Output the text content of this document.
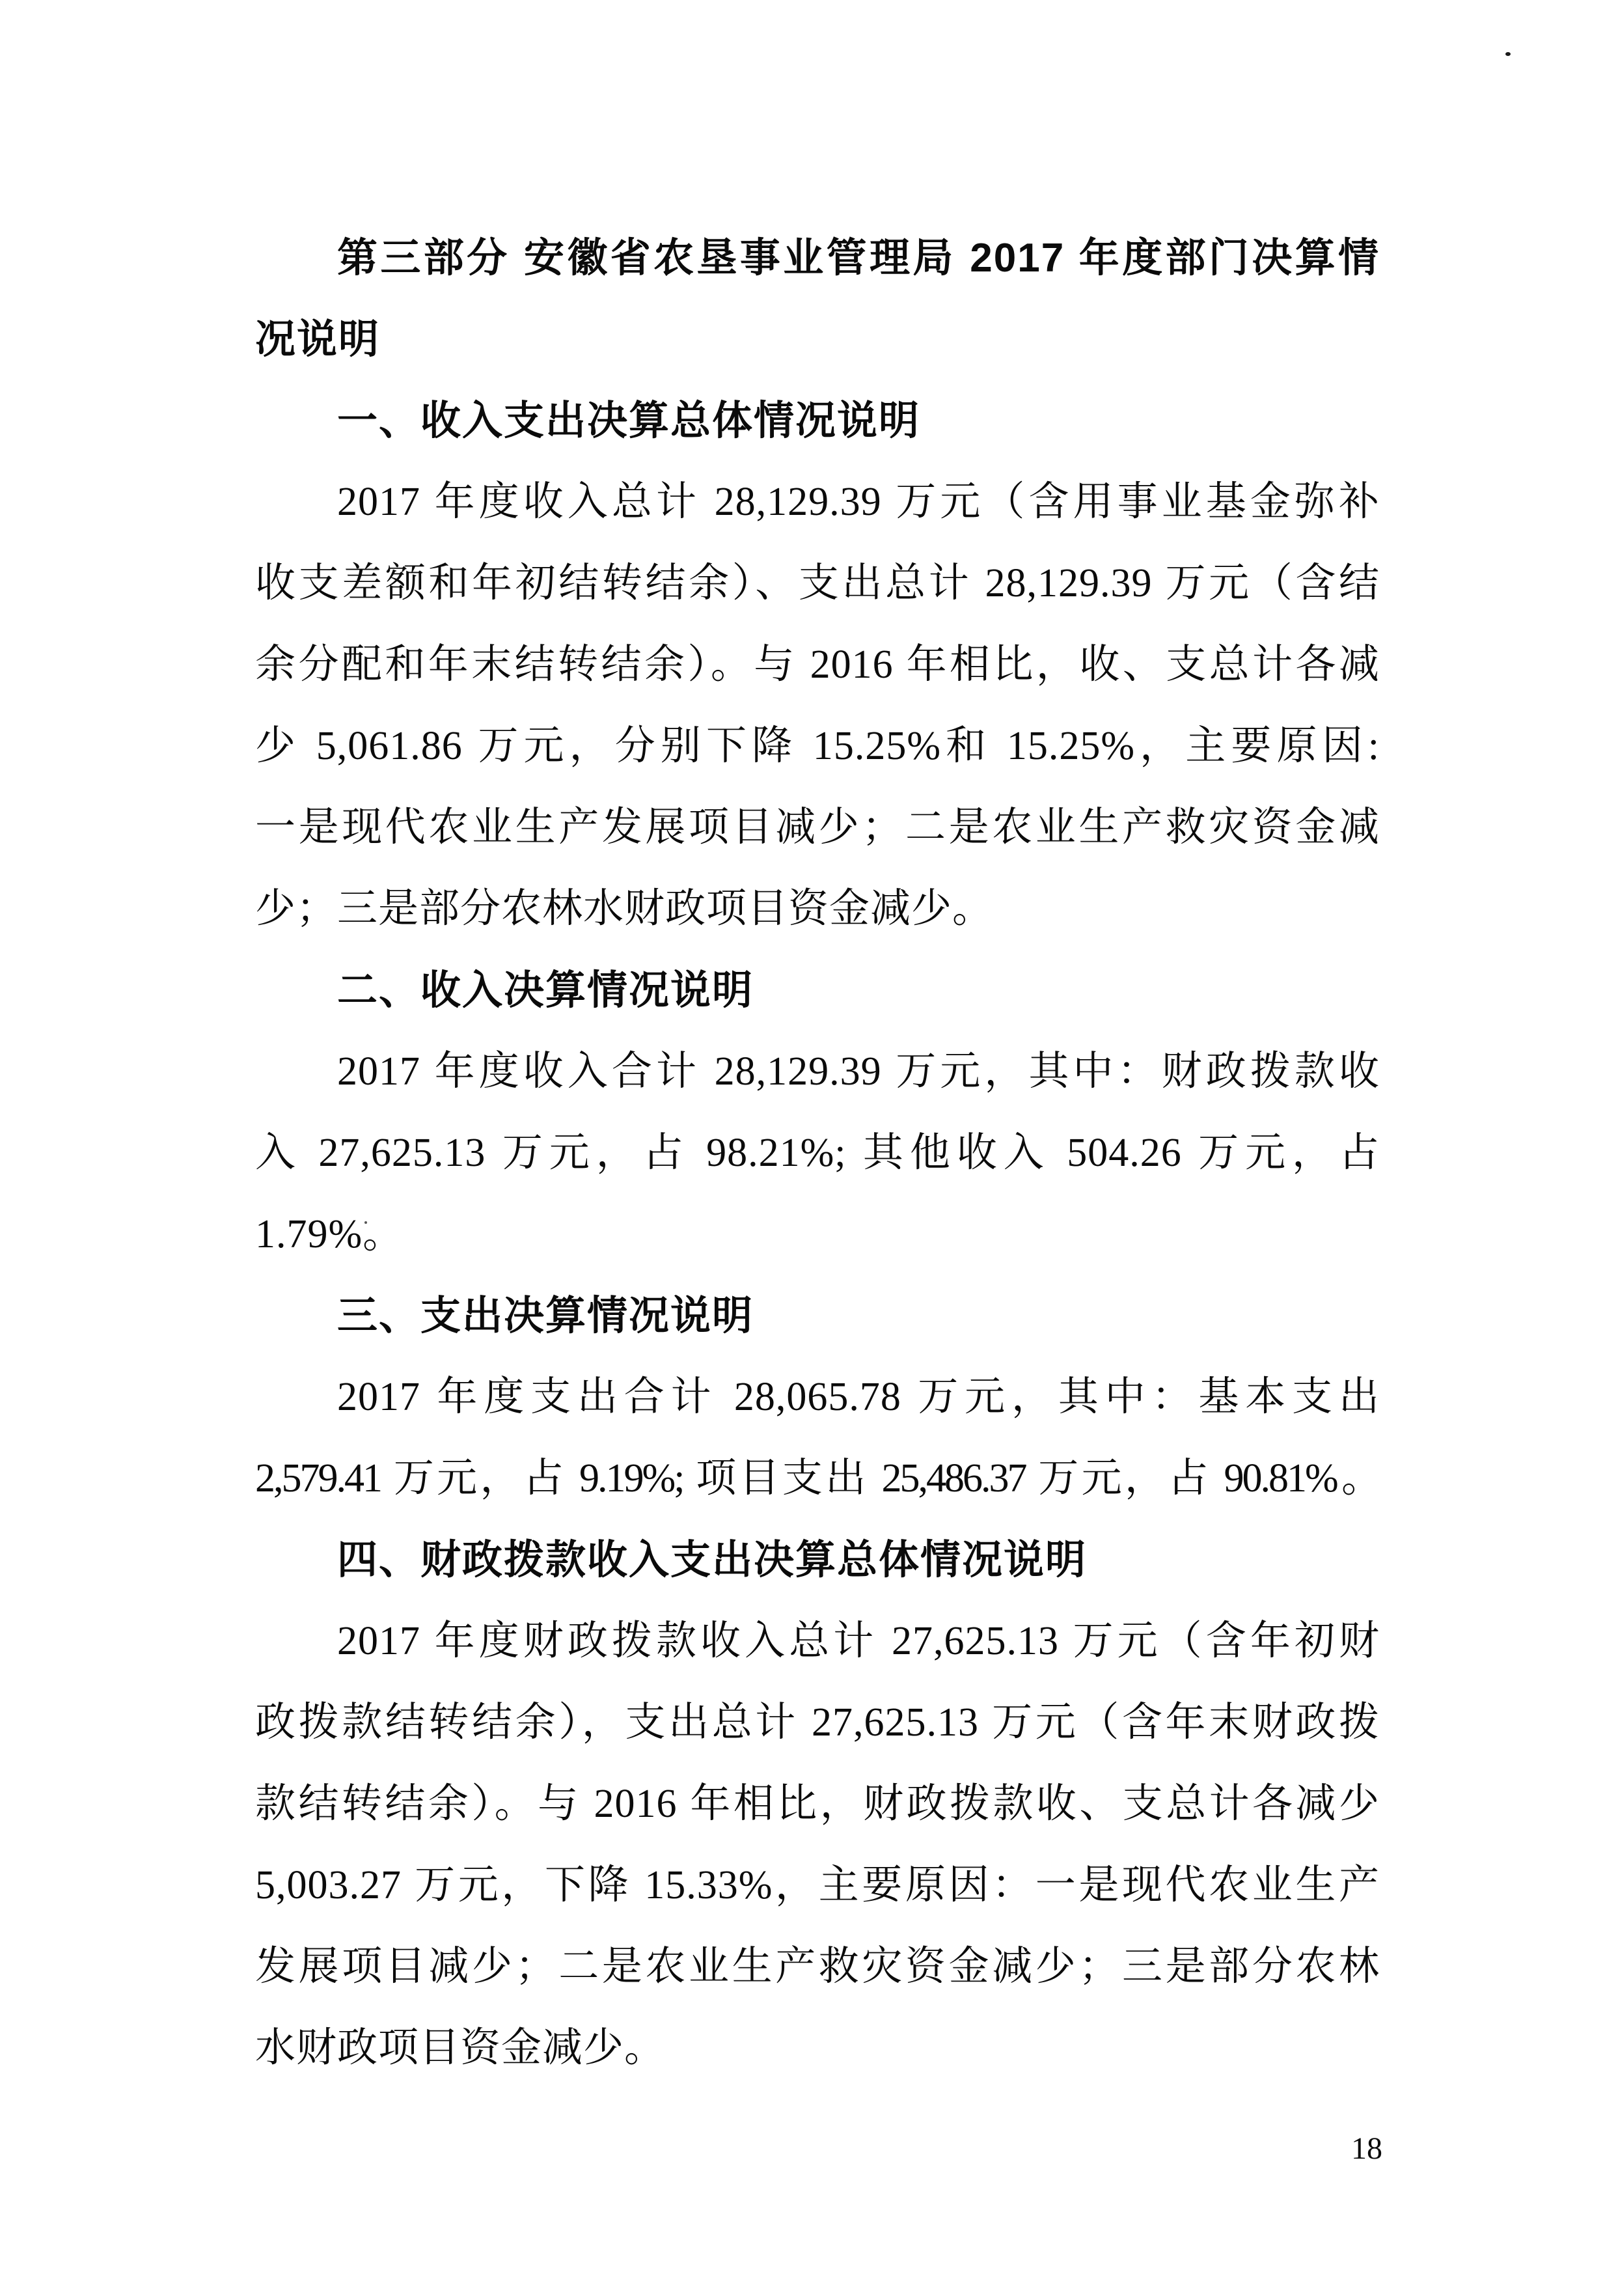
第三部分 安徽省农垦事业管理局 2017 年度部门决算情
况说明
一、收入支出决算总体情况说明
2017 年度收入总计 28,129.39 万元（含用事业基金弥补
收支差额和年初结转结余）、支出总计 28,129.39 万元（含结
余分配和年末结转结余）。与 2016 年相比，收、支总计各减
少 5,061.86 万元，分别下降 15.25%和 15.25%，主要原因:
一是现代农业生产发展项目减少；二是农业生产救灾资金减
少；三是部分农林水财政项目资金减少。
二、收入决算情况说明
2017 年度收入合计 28,129.39 万元，其中：财政拨款收
入 27,625.13 万元，占 98.21%; 其他收入 504.26 万元，占
1.79%。
三、支出决算情况说明
2017 年度支出合计 28,065.78 万元，其中：基本支出
2,579.41 万元，占 9.19%; 项目支出 25,486.37 万元，占 90.81%。
四、财政拨款收入支出决算总体情况说明
2017 年度财政拨款收入总计 27,625.13 万元（含年初财
政拨款结转结余），支出总计 27,625.13 万元（含年末财政拨
款结转结余）。与 2016 年相比，财政拨款收、支总计各减少
5,003.27 万元，下降 15.33%，主要原因：一是现代农业生产
发展项目减少；二是农业生产救灾资金减少；三是部分农林
水财政项目资金减少。
18
